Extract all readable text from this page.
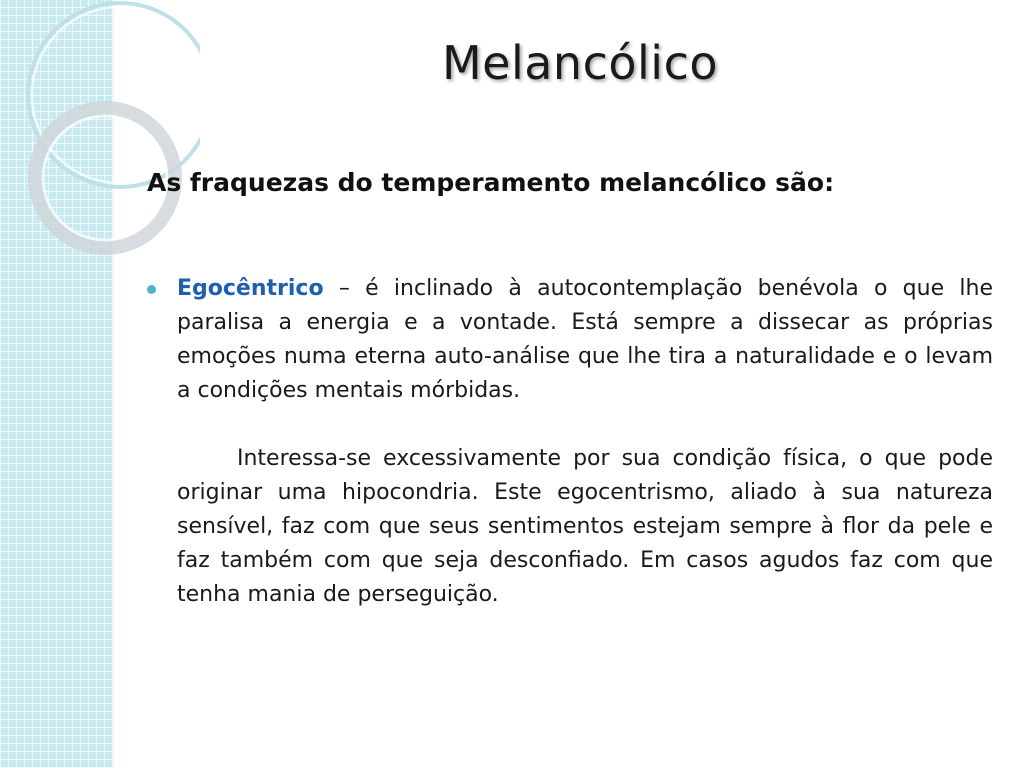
Melancólico
As fraquezas do temperamento melancólico são:

Egocêntrico – é inclinado à autocontemplação benévola o que lhe paralisa a energia e a vontade. Está sempre a dissecar as próprias emoções numa eterna auto-análise que lhe tira a naturalidade e o levam a condições mentais mórbidas.

Interessa-se excessivamente por sua condição física, o que pode originar uma hipocondria. Este egocentrismo, aliado à sua natureza sensível, faz com que seus sentimentos estejam sempre à flor da pele e faz também com que seja desconfiado. Em casos agudos faz com que tenha mania de perseguição.
